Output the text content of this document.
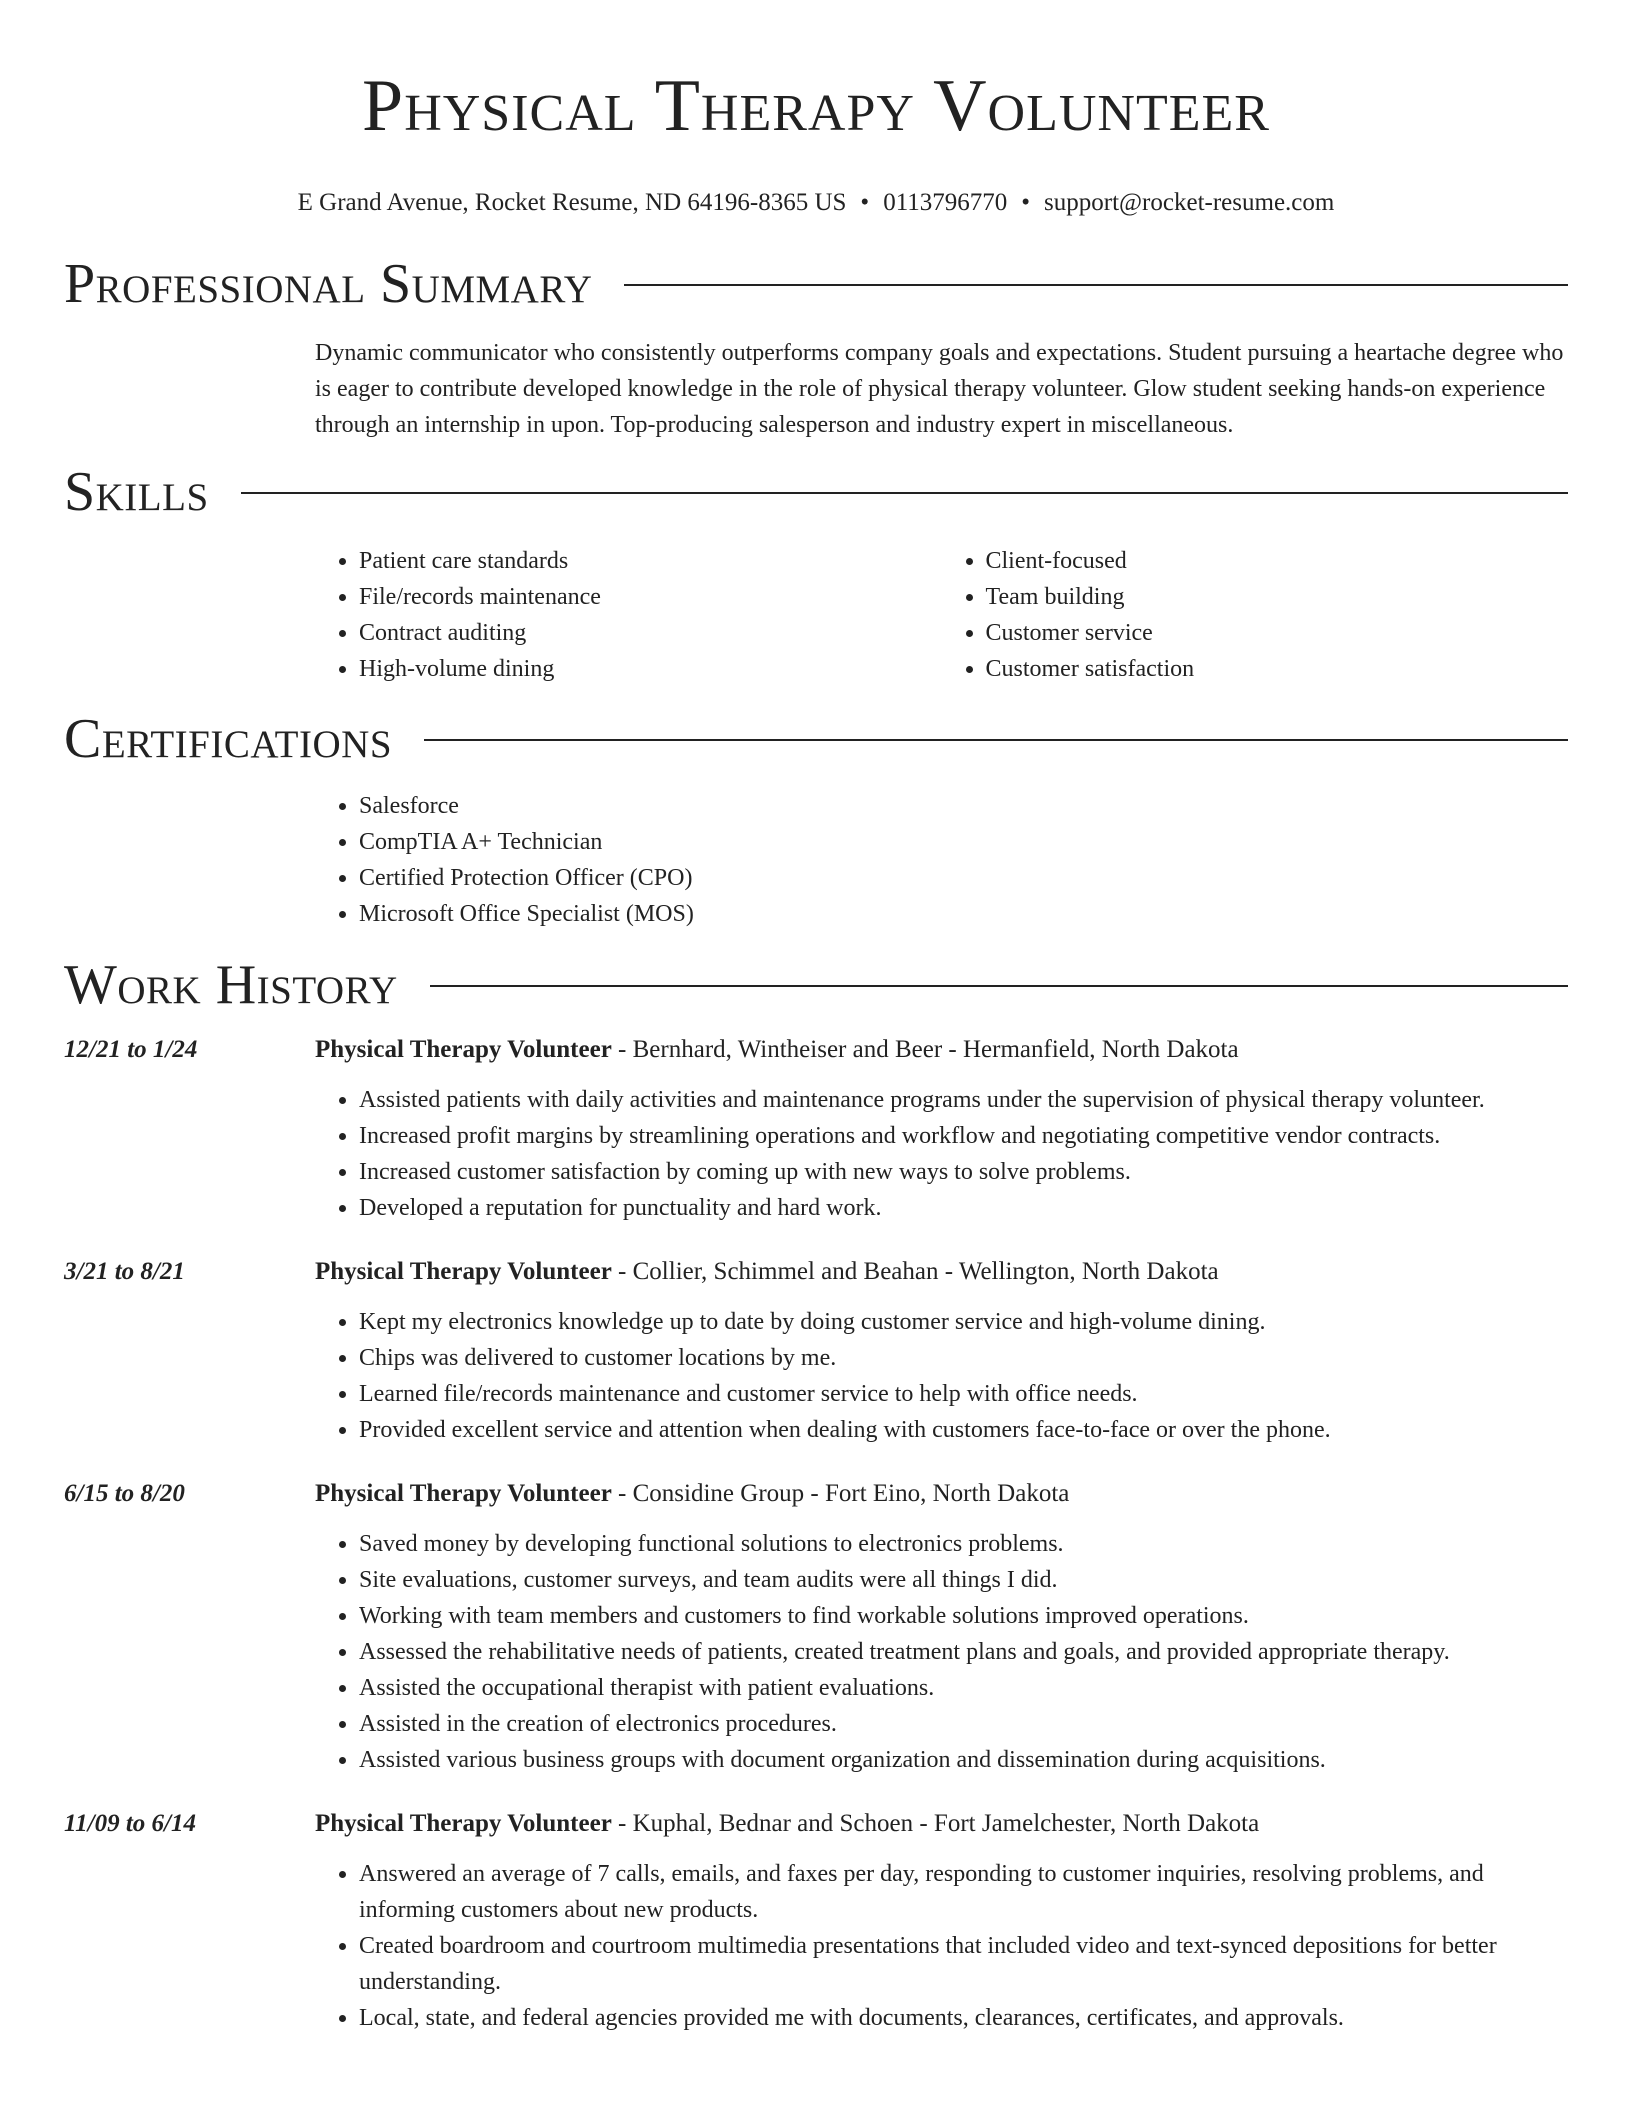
Physical Therapy Volunteer
E Grand Avenue, Rocket Resume, ND 64196-8365 US • 0113796770 • support@rocket-resume.com
Professional Summary

Dynamic communicator who consistently outperforms company goals and expectations. Student pursuing a heartache degree who is eager to contribute developed knowledge in the role of physical therapy volunteer. Glow student seeking hands-on experience through an internship in upon. Top-producing salesperson and industry expert in miscellaneous.

Skills
• Patient care standards
• File/records maintenance
• Contract auditing
• High-volume dining
• Client-focused
• Team building
• Customer service
• Customer satisfaction
Certifications
• Salesforce
• CompTIA A+ Technician
• Certified Protection Officer (CPO)
• Microsoft Office Specialist (MOS)
Work History
12/21 to 1/24	Physical Therapy Volunteer - Bernhard, Wintheiser and Beer - Hermanfield, North Dakota
• Assisted patients with daily activities and maintenance programs under the supervision of physical therapy volunteer.
• Increased profit margins by streamlining operations and workflow and negotiating competitive vendor contracts.
• Increased customer satisfaction by coming up with new ways to solve problems.
• Developed a reputation for punctuality and hard work.
3/21 to 8/21	Physical Therapy Volunteer - Collier, Schimmel and Beahan - Wellington, North Dakota
• Kept my electronics knowledge up to date by doing customer service and high-volume dining.
• Chips was delivered to customer locations by me.
• Learned file/records maintenance and customer service to help with office needs.
• Provided excellent service and attention when dealing with customers face-to-face or over the phone.
6/15 to 8/20	Physical Therapy Volunteer - Considine Group - Fort Eino, North Dakota
• Saved money by developing functional solutions to electronics problems.
• Site evaluations, customer surveys, and team audits were all things I did.
• Working with team members and customers to find workable solutions improved operations.
• Assessed the rehabilitative needs of patients, created treatment plans and goals, and provided appropriate therapy.
• Assisted the occupational therapist with patient evaluations.
• Assisted in the creation of electronics procedures.
• Assisted various business groups with document organization and dissemination during acquisitions.
11/09 to 6/14	Physical Therapy Volunteer - Kuphal, Bednar and Schoen - Fort Jamelchester, North Dakota
• Answered an average of 7 calls, emails, and faxes per day, responding to customer inquiries, resolving problems, and informing customers about new products.
• Created boardroom and courtroom multimedia presentations that included video and text-synced depositions for better understanding.
• Local, state, and federal agencies provided me with documents, clearances, certificates, and approvals.
